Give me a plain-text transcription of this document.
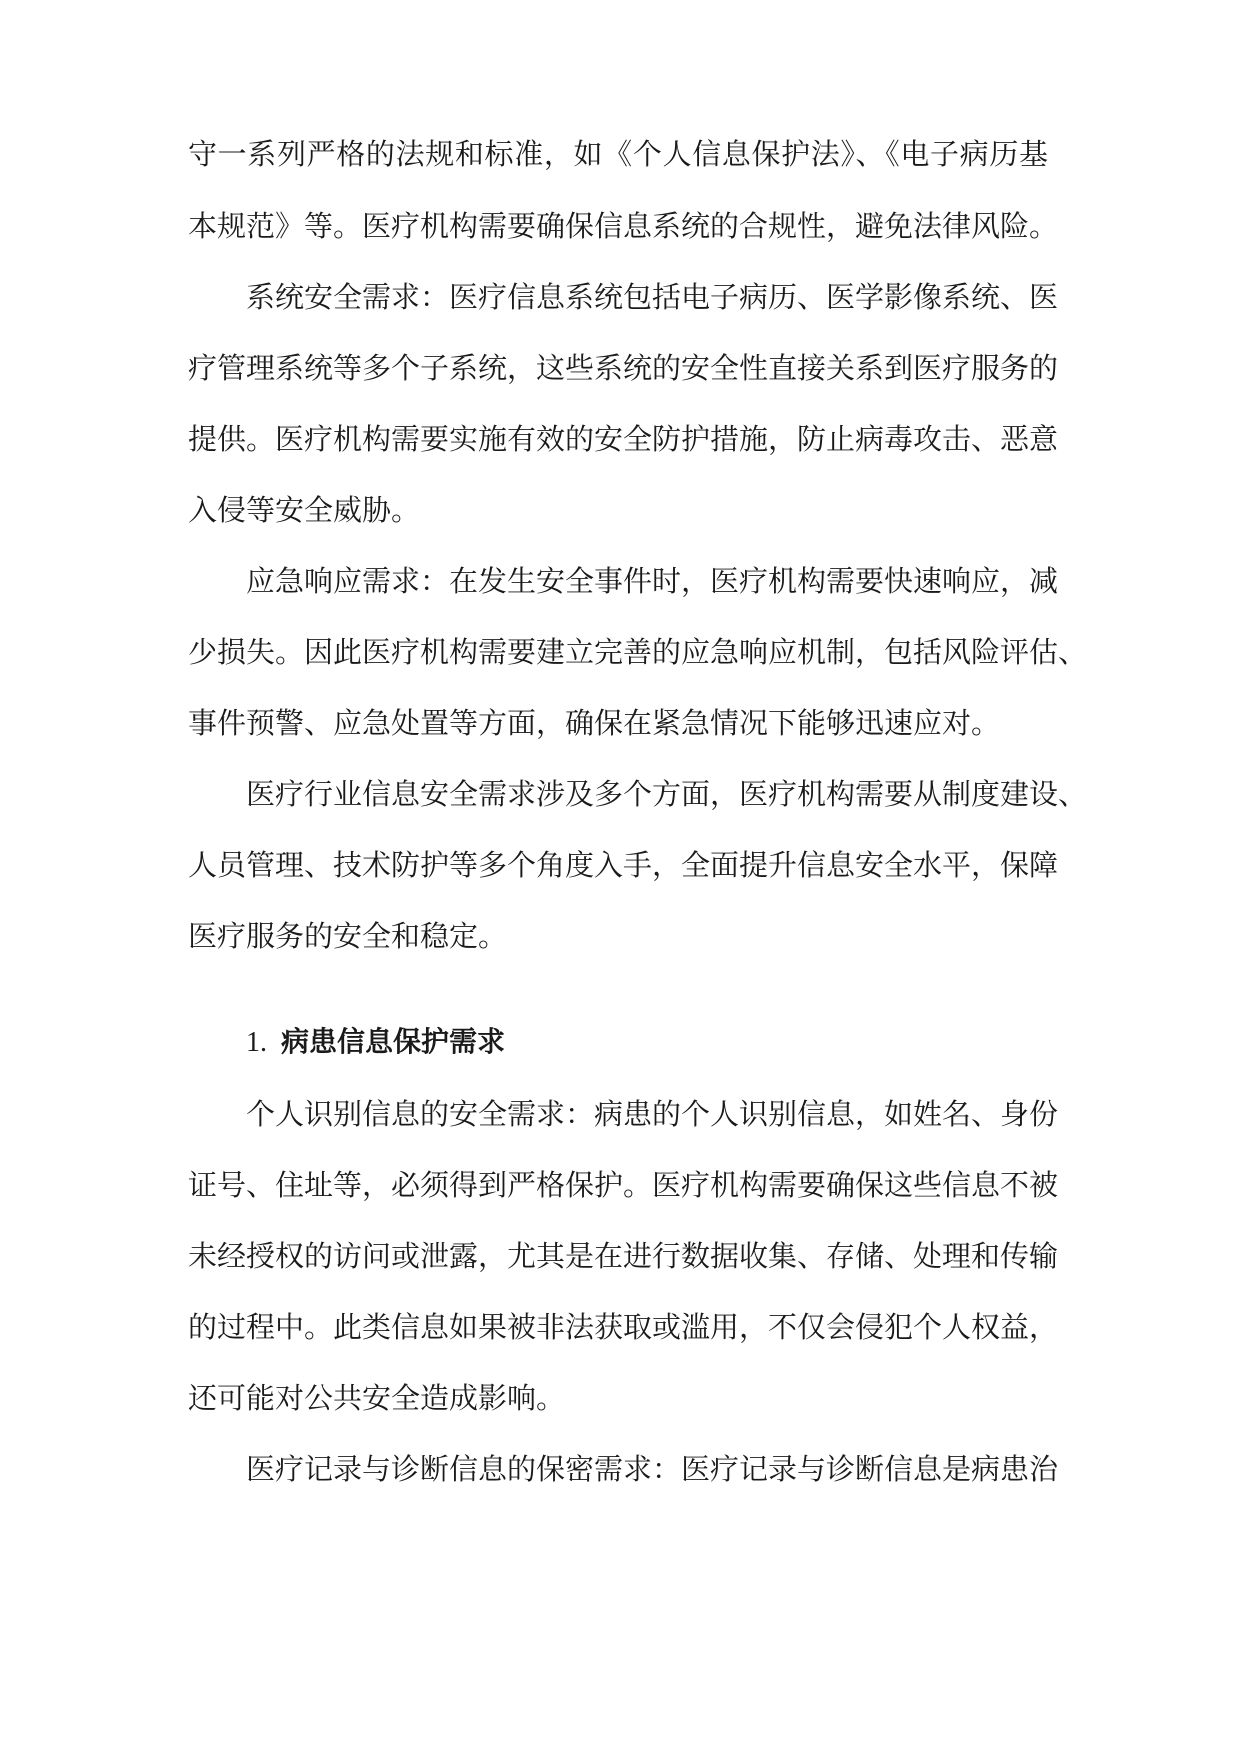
守一系列严格的法规和标准，如《个人信息保护法》、《电子病历基
本规范》等。医疗机构需要确保信息系统的合规性，避免法律风险。
系统安全需求：医疗信息系统包括电子病历、医学影像系统、医
疗管理系统等多个子系统，这些系统的安全性直接关系到医疗服务的
提供。医疗机构需要实施有效的安全防护措施，防止病毒攻击、恶意
入侵等安全威胁。
应急响应需求：在发生安全事件时，医疗机构需要快速响应，减
少损失。因此医疗机构需要建立完善的应急响应机制，包括风险评估、
事件预警、应急处置等方面，确保在紧急情况下能够迅速应对。
医疗行业信息安全需求涉及多个方面，医疗机构需要从制度建设、
人员管理、技术防护等多个角度入手，全面提升信息安全水平，保障
医疗服务的安全和稳定。
1. 病患信息保护需求
个人识别信息的安全需求：病患的个人识别信息，如姓名、身份
证号、住址等，必须得到严格保护。医疗机构需要确保这些信息不被
未经授权的访问或泄露，尤其是在进行数据收集、存储、处理和传输
的过程中。此类信息如果被非法获取或滥用，不仅会侵犯个人权益，
还可能对公共安全造成影响。
医疗记录与诊断信息的保密需求：医疗记录与诊断信息是病患治
